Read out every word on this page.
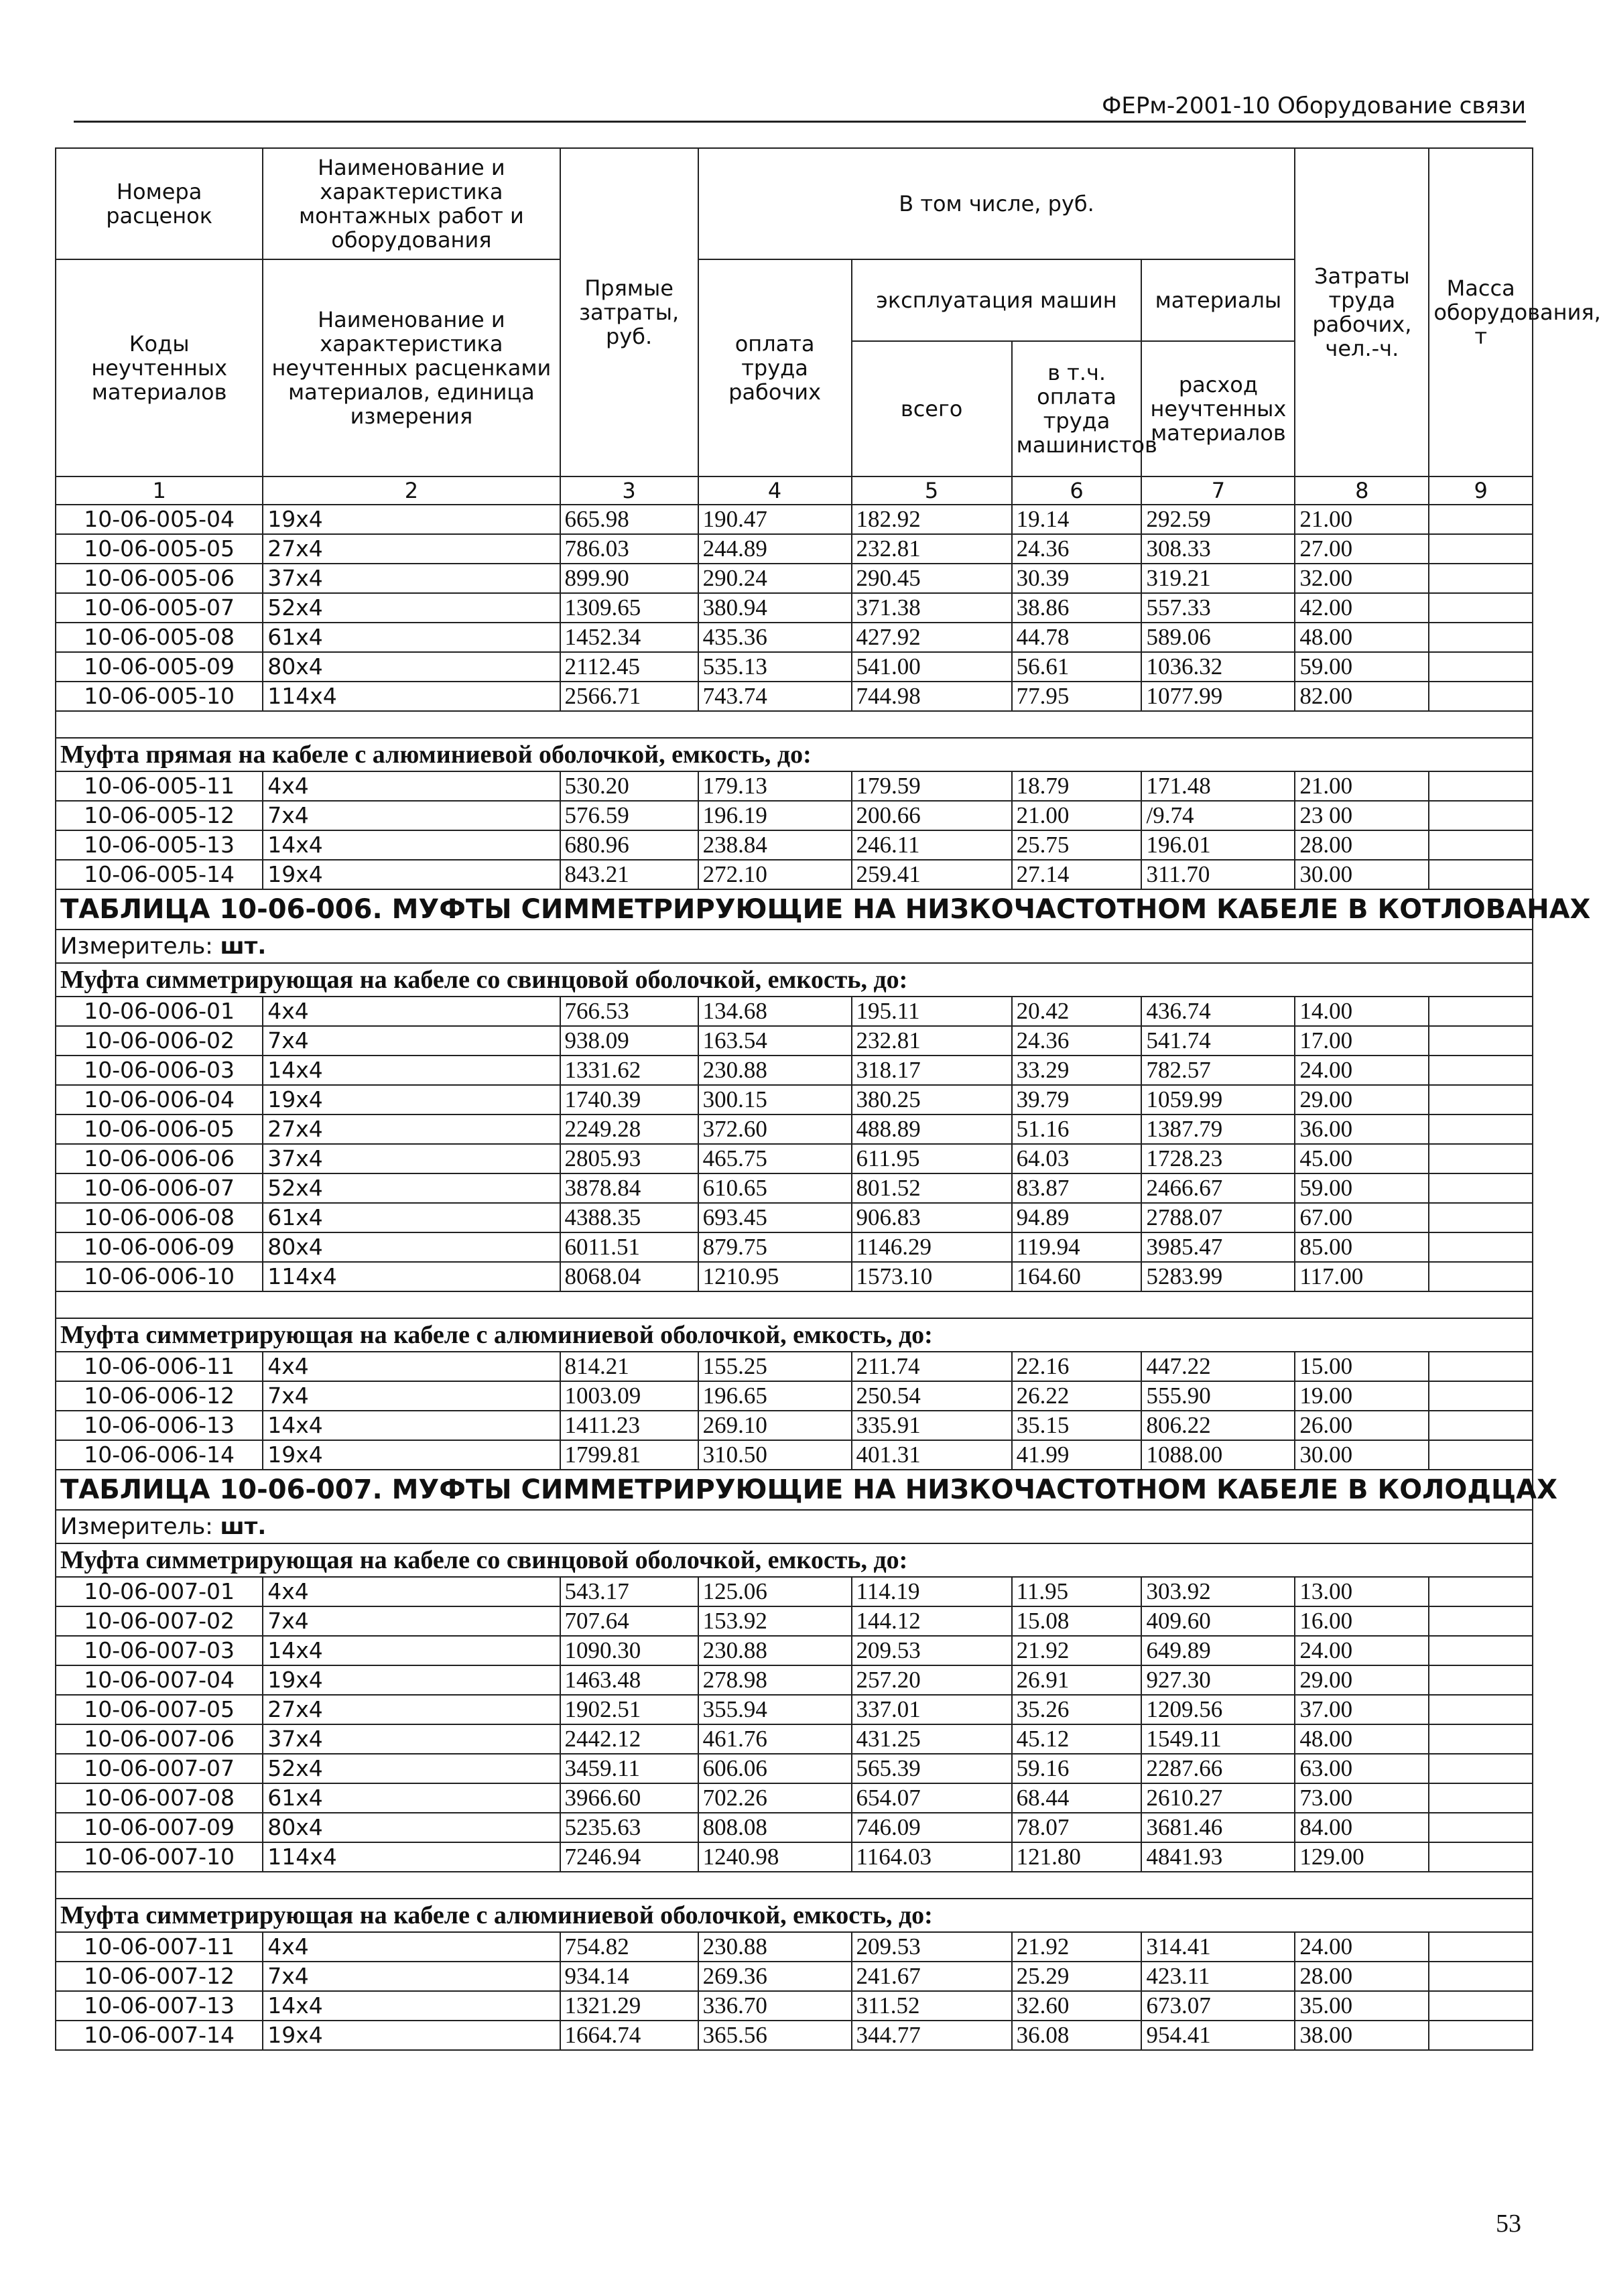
ФЕРм-2001-10 Оборудование связи
Номера расценок	Наименование и характеристика монтажных работ и оборудования	Прямые затраты, руб.	В том числе, руб.				Затраты труда рабочих, чел.-ч.	Масса оборудования, т
Коды неучтенных материалов	Наименование и характеристика неучтенных расценками материалов, единица измерения		оплата труда рабочих	эксплуатация машин		материалы		
				всего	в т.ч. оплата труда машинистов	расход неучтенных материалов		
1	2	3	4	5	6	7	8	9
10-06-005-04	19x4	665.98	190.47	182.92	19.14	292.59	21.00	
10-06-005-05	27x4	786.03	244.89	232.81	24.36	308.33	27.00	
10-06-005-06	37x4	899.90	290.24	290.45	30.39	319.21	32.00	
10-06-005-07	52x4	1309.65	380.94	371.38	38.86	557.33	42.00	
10-06-005-08	61x4	1452.34	435.36	427.92	44.78	589.06	48.00	
10-06-005-09	80x4	2112.45	535.13	541.00	56.61	1036.32	59.00	
10-06-005-10	114x4	2566.71	743.74	744.98	77.95	1077.99	82.00	

Муфта прямая на кабеле с алюминиевой оболочкой, емкость, до:								
10-06-005-11	4x4	530.20	179.13	179.59	18.79	171.48	21.00	
10-06-005-12	7x4	576.59	196.19	200.66	21.00	/9.74	23 00	
10-06-005-13	14x4	680.96	238.84	246.11	25.75	196.01	28.00	
10-06-005-14	19x4	843.21	272.10	259.41	27.14	311.70	30.00	
ТАБЛИЦА 10-06-006. МУФТЫ СИММЕТРИРУЮЩИЕ НА НИЗКОЧАСТОТНОМ КАБЕЛЕ В КОТЛОВАНАХ								
Измеритель: шт.								
Муфта симметрирующая на кабеле со свинцовой оболочкой, емкость, до:								
10-06-006-01	4x4	766.53	134.68	195.11	20.42	436.74	14.00	
10-06-006-02	7x4	938.09	163.54	232.81	24.36	541.74	17.00	
10-06-006-03	14x4	1331.62	230.88	318.17	33.29	782.57	24.00	
10-06-006-04	19x4	1740.39	300.15	380.25	39.79	1059.99	29.00	
10-06-006-05	27x4	2249.28	372.60	488.89	51.16	1387.79	36.00	
10-06-006-06	37x4	2805.93	465.75	611.95	64.03	1728.23	45.00	
10-06-006-07	52x4	3878.84	610.65	801.52	83.87	2466.67	59.00	
10-06-006-08	61x4	4388.35	693.45	906.83	94.89	2788.07	67.00	
10-06-006-09	80x4	6011.51	879.75	1146.29	119.94	3985.47	85.00	
10-06-006-10	114x4	8068.04	1210.95	1573.10	164.60	5283.99	117.00	

Муфта симметрирующая на кабеле с алюминиевой оболочкой, емкость, до:								
10-06-006-11	4x4	814.21	155.25	211.74	22.16	447.22	15.00	
10-06-006-12	7x4	1003.09	196.65	250.54	26.22	555.90	19.00	
10-06-006-13	14x4	1411.23	269.10	335.91	35.15	806.22	26.00	
10-06-006-14	19x4	1799.81	310.50	401.31	41.99	1088.00	30.00	
ТАБЛИЦА 10-06-007. МУФТЫ СИММЕТРИРУЮЩИЕ НА НИЗКОЧАСТОТНОМ КАБЕЛЕ В КОЛОДЦАХ								
Измеритель: шт.								
Муфта симметрирующая на кабеле со свинцовой оболочкой, емкость, до:								
10-06-007-01	4x4	543.17	125.06	114.19	11.95	303.92	13.00	
10-06-007-02	7x4	707.64	153.92	144.12	15.08	409.60	16.00	
10-06-007-03	14x4	1090.30	230.88	209.53	21.92	649.89	24.00	
10-06-007-04	19x4	1463.48	278.98	257.20	26.91	927.30	29.00	
10-06-007-05	27x4	1902.51	355.94	337.01	35.26	1209.56	37.00	
10-06-007-06	37x4	2442.12	461.76	431.25	45.12	1549.11	48.00	
10-06-007-07	52x4	3459.11	606.06	565.39	59.16	2287.66	63.00	
10-06-007-08	61x4	3966.60	702.26	654.07	68.44	2610.27	73.00	
10-06-007-09	80x4	5235.63	808.08	746.09	78.07	3681.46	84.00	
10-06-007-10	114x4	7246.94	1240.98	1164.03	121.80	4841.93	129.00	

Муфта симметрирующая на кабеле с алюминиевой оболочкой, емкость, до:								
10-06-007-11	4x4	754.82	230.88	209.53	21.92	314.41	24.00	
10-06-007-12	7x4	934.14	269.36	241.67	25.29	423.11	28.00	
10-06-007-13	14x4	1321.29	336.70	311.52	32.60	673.07	35.00	
10-06-007-14	19x4	1664.74	365.56	344.77	36.08	954.41	38.00	
53
